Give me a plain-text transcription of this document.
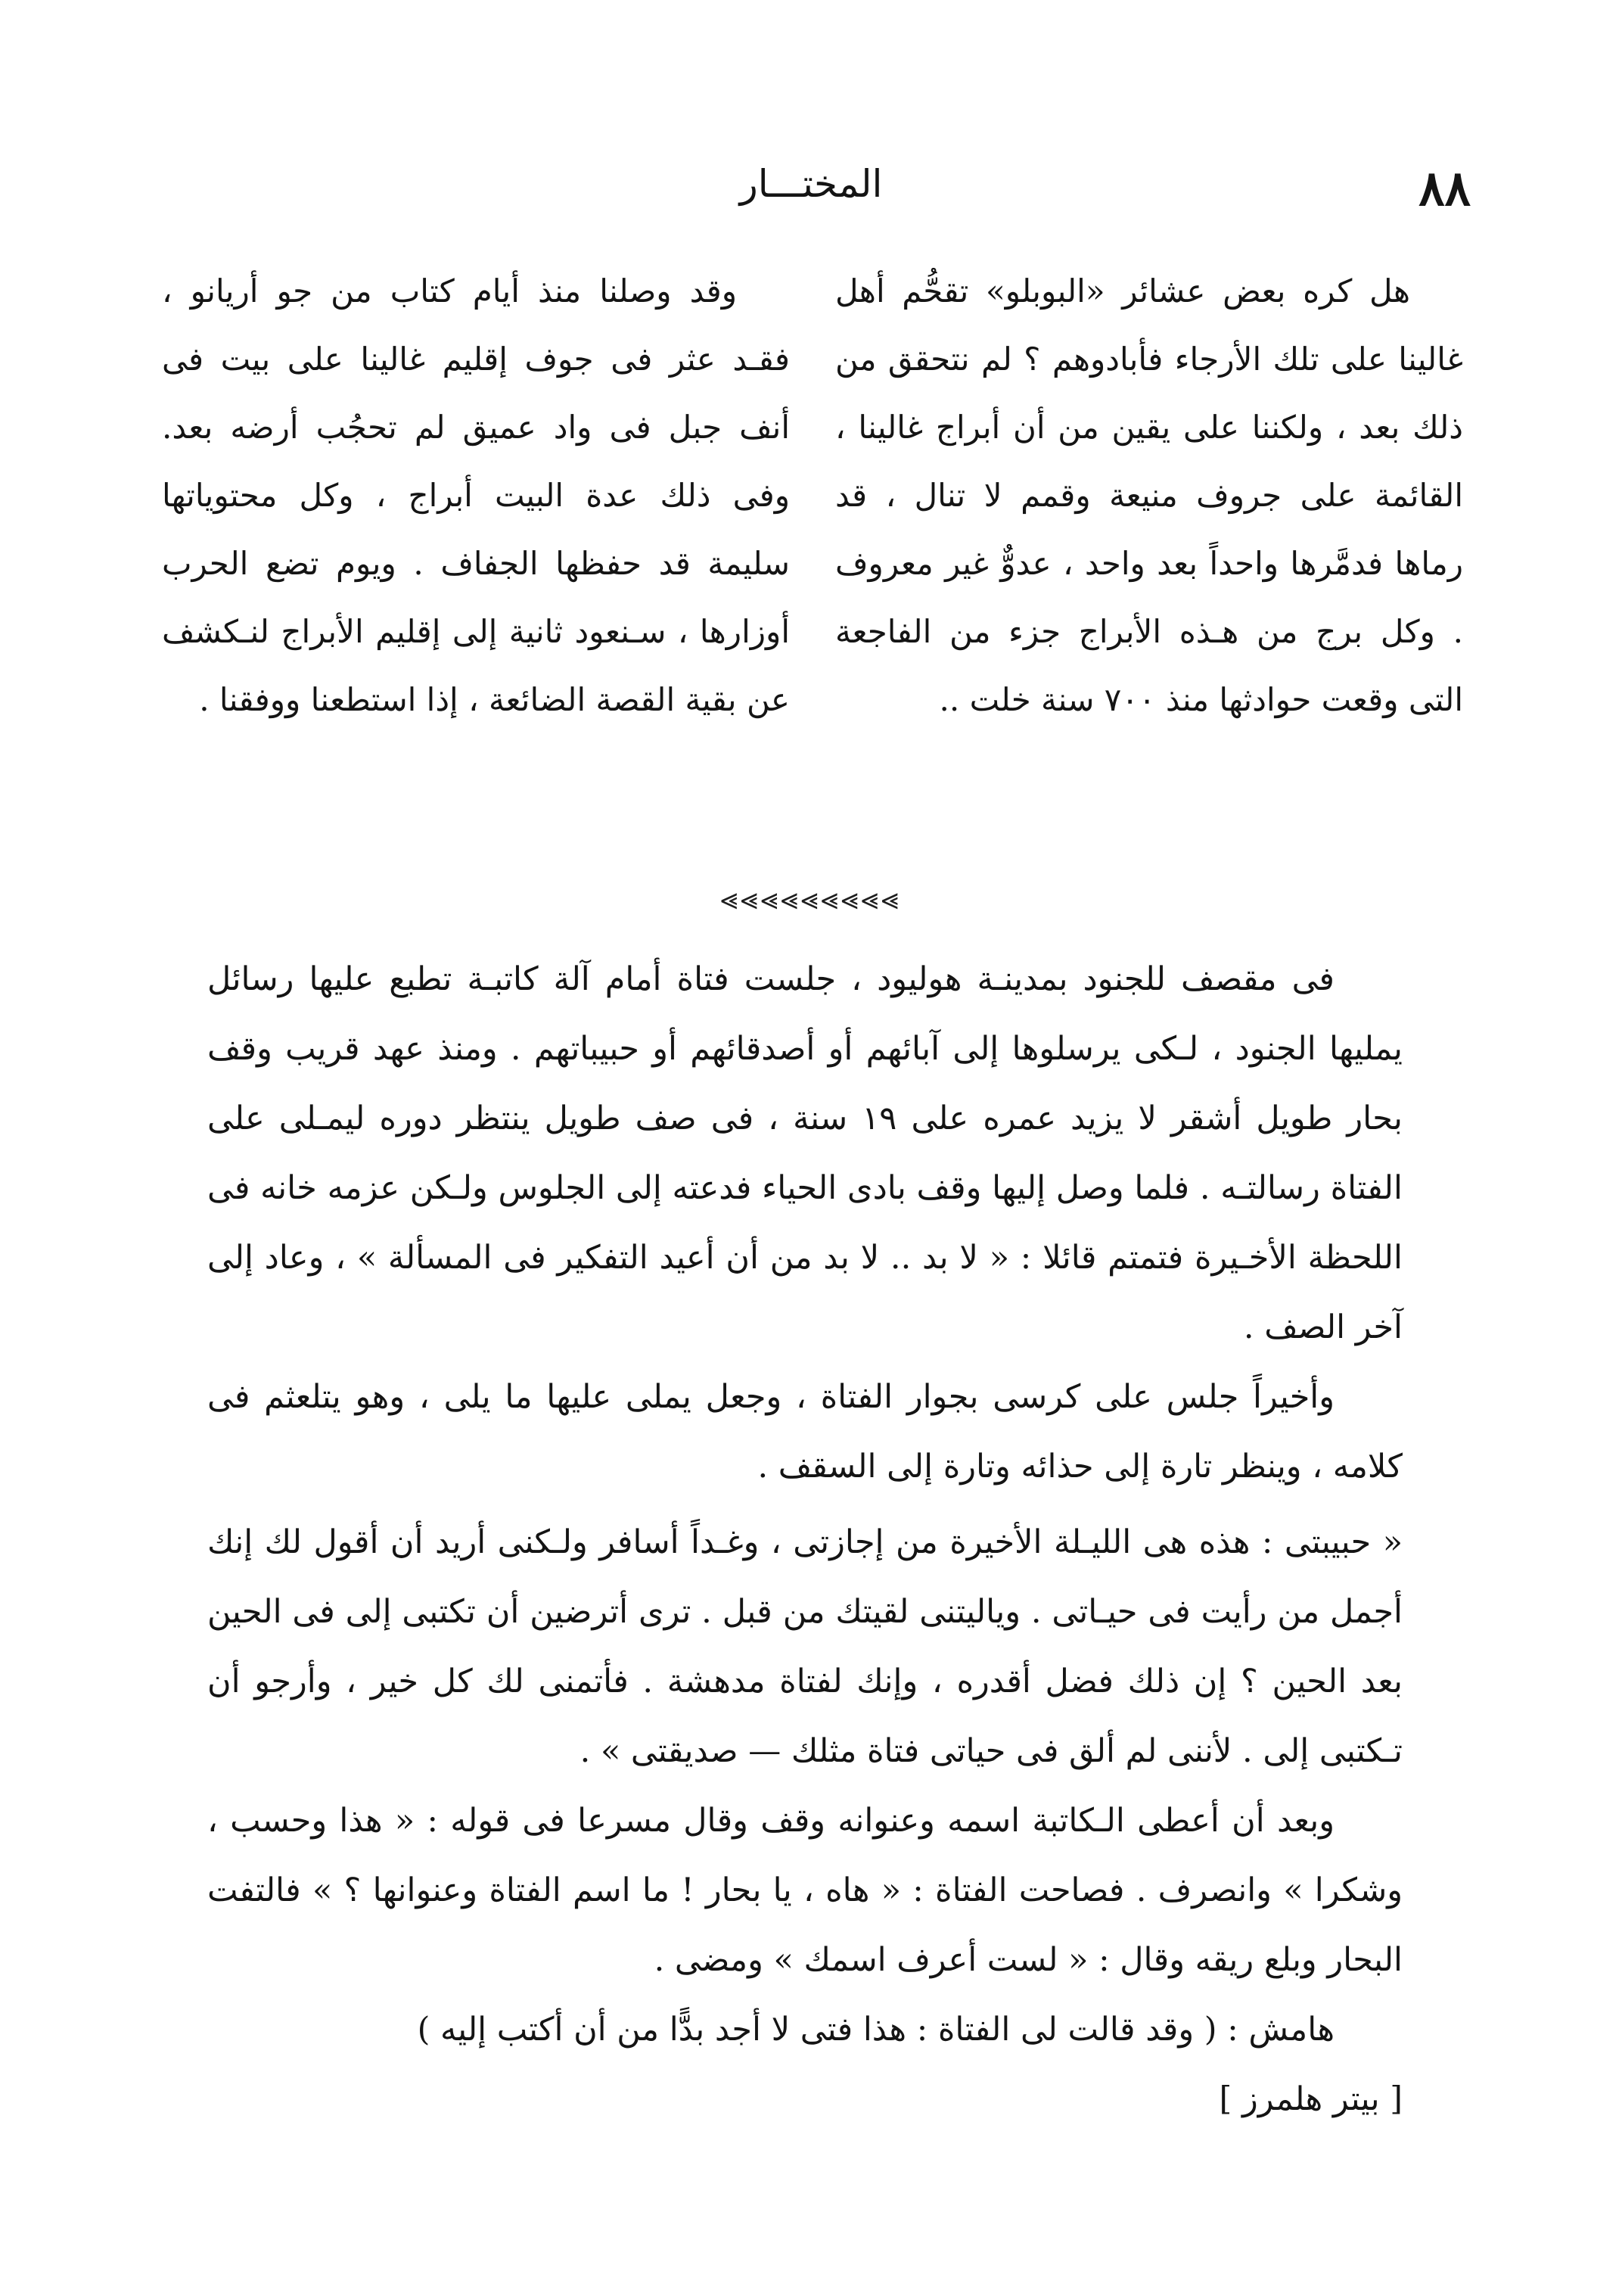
٨٨
المختـــار

هل كره بعض عشائر «البوبلو» تقحُّم أهل غالينا على تلك الأرجاء فأبادوهم ؟ لم نتحقق من ذلك بعد ، ولكننا على يقين من أن أبراج غالينا ، القائمة على جروف منيعة وقمم لا تنال ، قد رماها فدمَّرها واحداً بعد واحد ، عدوٌّ غير معروف . وكل برج من هـذه الأبراج جزء من الفاجعة التى وقعت حوادثها منذ ٧٠٠ سنة خلت ..

وقد وصلنا منذ أيام كتاب من جو أريانو ، فقـد عثر فى جوف إقليم غالينا على بيت فى أنف جبل فى واد عميق لم تحجُب أرضه بعد. وفى ذلك عدة البيت أبراج ، وكل محتوياتها سليمة قد حفظها الجفاف . ويوم تضع الحرب أوزارها ، سـنعود ثانية إلى إقليم الأبراج لنـكشف عن بقية القصة الضائعة ، إذا استطعنا ووفقنا .

⪢⪢⪢⪢⪢⪢⪢⪢⪢

فى مقصف للجنود بمدينـة هوليود ، جلست فتاة أمام آلة كاتبـة تطبع عليها رسائل يمليها الجنود ، لـكى يرسلوها إلى آبائهم أو أصدقائهم أو حبيباتهم . ومنذ عهد قريب وقف بحار طويل أشقر لا يزيد عمره على ١٩ سنة ، فى صف طويل ينتظر دوره ليمـلى على الفتاة رسالتـه . فلما وصل إليها وقف بادى الحياء فدعته إلى الجلوس ولـكن عزمه خانه فى اللحظة الأخـيرة فتمتم قائلا : « لا بد .. لا بد من أن أعيد التفكير فى المسألة » ، وعاد إلى آخر الصف .

وأخيراً جلس على كرسى بجوار الفتاة ، وجعل يملى عليها ما يلى ، وهو يتلعثم فى كلامه ، وينظر تارة إلى حذائه وتارة إلى السقف .

« حبيبتى : هذه هى الليـلة الأخيرة من إجازتى ، وغـداً أسافر ولـكنى أريد أن أقول لك إنك أجمل من رأيت فى حيـاتى . وياليتنى لقيتك من قبل . ترى أترضين أن تكتبى إلى فى الحين بعد الحين ؟ إن ذلك فضل أقدره ، وإنك لفتاة مدهشة . فأتمنى لك كل خير ، وأرجو أن تـكتبى إلى . لأننى لم ألق فى حياتى فتاة مثلك — صديقتى » .

وبعد أن أعطى الـكاتبة اسمه وعنوانه وقف وقال مسرعا فى قوله : « هذا وحسب ، وشكرا » وانصرف . فصاحت الفتاة : « هاه ، يا بحار ! ما اسم الفتاة وعنوانها ؟ » فالتفت البحار وبلع ريقه وقال : « لست أعرف اسمك » ومضى .

هامش : ( وقد قالت لى الفتاة : هذا فتى لا أجد بدًّا من أن أكتب إليه )

[ بيتر هلمرز ]
